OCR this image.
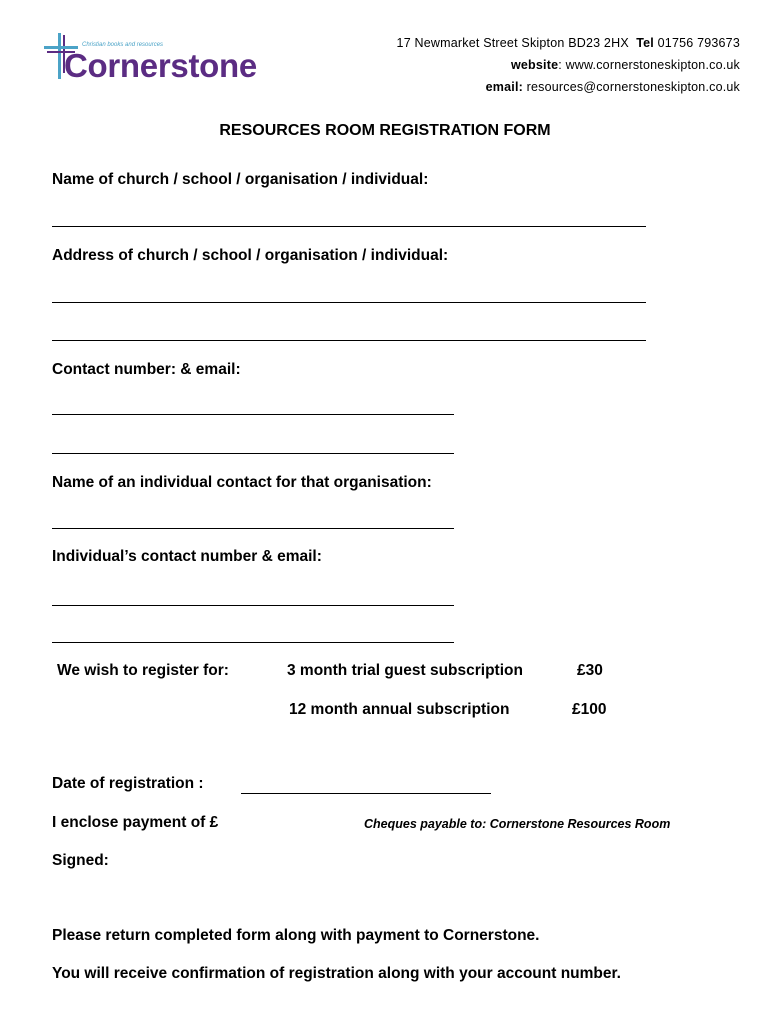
Christian books and resources
Cornerstone
17 Newmarket Street Skipton BD23 2HX Tel 01756 793673
website: www.cornerstoneskipton.co.uk
email: resources@cornerstoneskipton.co.uk
RESOURCES ROOM REGISTRATION FORM
Name of church / school / organisation / individual:
Address of church / school / organisation / individual:
Contact number: & email:
Name of an individual contact for that organisation:
Individual’s contact number & email:
We wish to register for:	3 month trial guest subscription	£30
12 month annual subscription	£100
Date of registration :
I enclose payment of £	Cheques payable to: Cornerstone Resources Room
Signed:
Please return completed form along with payment to Cornerstone.
You will receive confirmation of registration along with your account number.
